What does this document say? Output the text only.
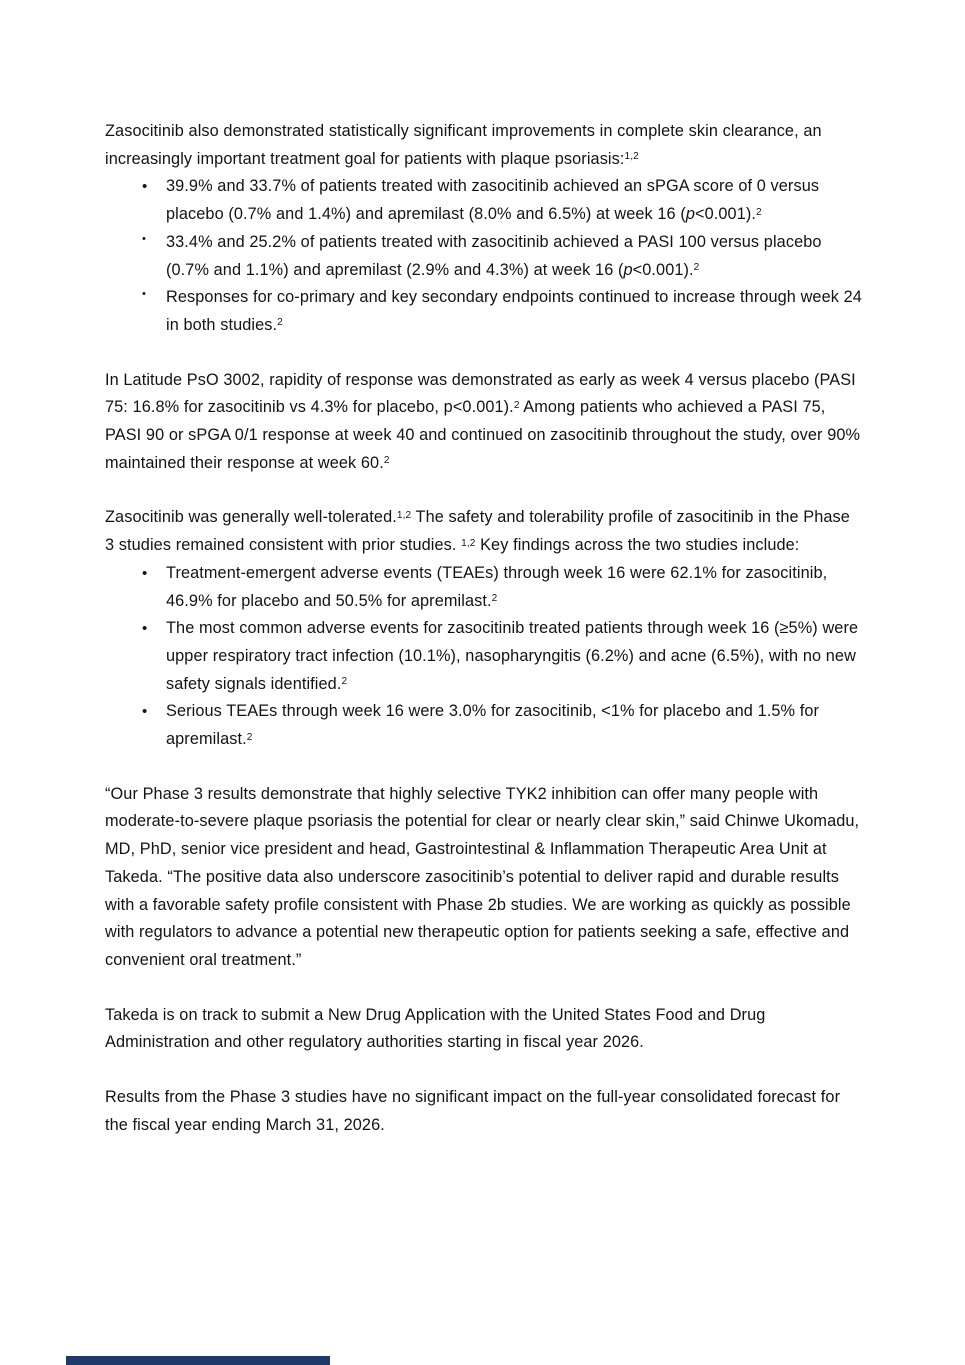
Zasocitinib also demonstrated statistically significant improvements in complete skin clearance, an increasingly important treatment goal for patients with plaque psoriasis:$^{1,2}$

•	39.9% and 33.7% of patients treated with zasocitinib achieved an sPGA score of 0 versus placebo (0.7% and 1.4%) and apremilast (8.0% and 6.5%) at week 16 (p<0.001).$^2$
•	33.4% and 25.2% of patients treated with zasocitinib achieved a PASI 100 versus placebo (0.7% and 1.1%) and apremilast (2.9% and 4.3%) at week 16 (p<0.001).$^2$
•	Responses for co-primary and key secondary endpoints continued to increase through week 24 in both studies.$^2$

In Latitude PsO 3002, rapidity of response was demonstrated as early as week 4 versus placebo (PASI 75: 16.8% for zasocitinib vs 4.3% for placebo, p<0.001).$^2$ Among patients who achieved a PASI 75, PASI 90 or sPGA 0/1 response at week 40 and continued on zasocitinib throughout the study, over 90% maintained their response at week 60.$^2$

Zasocitinib was generally well-tolerated.$^{1,2}$ The safety and tolerability profile of zasocitinib in the Phase 3 studies remained consistent with prior studies. $^{1,2}$ Key findings across the two studies include:

•	Treatment-emergent adverse events (TEAEs) through week 16 were 62.1% for zasocitinib, 46.9% for placebo and 50.5% for apremilast.$^2$
•	The most common adverse events for zasocitinib treated patients through week 16 (≥5%) were upper respiratory tract infection (10.1%), nasopharyngitis (6.2%) and acne (6.5%), with no new safety signals identified.$^2$
•	Serious TEAEs through week 16 were 3.0% for zasocitinib, <1% for placebo and 1.5% for apremilast.$^2$

“Our Phase 3 results demonstrate that highly selective TYK2 inhibition can offer many people with moderate-to-severe plaque psoriasis the potential for clear or nearly clear skin,” said Chinwe Ukomadu, MD, PhD, senior vice president and head, Gastrointestinal & Inflammation Therapeutic Area Unit at Takeda. “The positive data also underscore zasocitinib’s potential to deliver rapid and durable results with a favorable safety profile consistent with Phase 2b studies. We are working as quickly as possible with regulators to advance a potential new therapeutic option for patients seeking a safe, effective and convenient oral treatment.”

Takeda is on track to submit a New Drug Application with the United States Food and Drug Administration and other regulatory authorities starting in fiscal year 2026.

Results from the Phase 3 studies have no significant impact on the full-year consolidated forecast for the fiscal year ending March 31, 2026.
